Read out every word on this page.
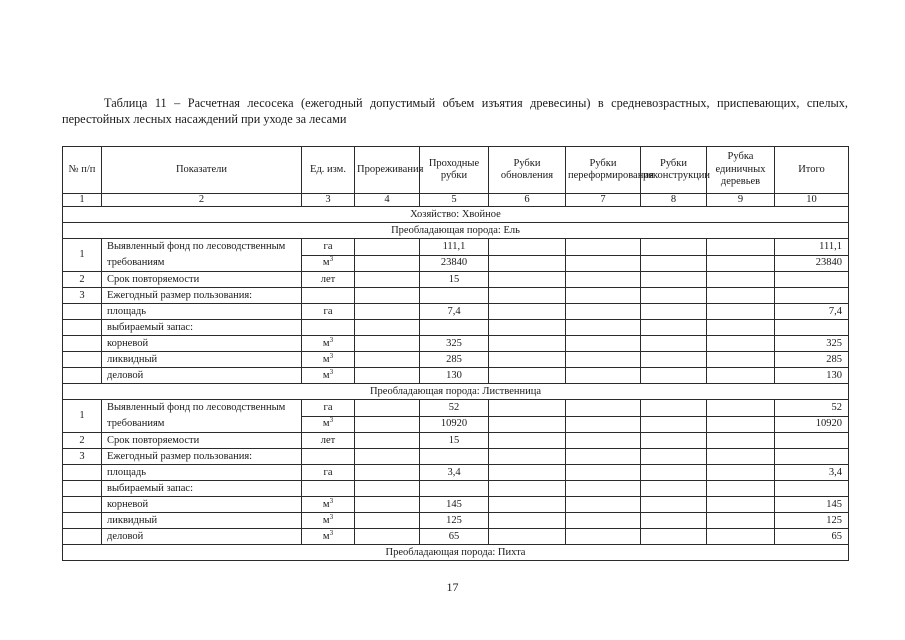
Таблица 11 – Расчетная лесосека (ежегодный допустимый объем изъятия древесины) в средневозрастных, приспевающих, спелых, перестойных лесных насаждений при уходе за лесами
№ п/п	Показатели	Ед. изм.	Прореживания	Проходные рубки	Рубки обновления	Рубки переформирования	Рубки реконструкции	Рубка единичных деревьев	Итого
1	2	3	4	5	6	7	8	9	10
Хозяйство: Хвойное									
Преобладающая порода: Ель									
1	Выявленный фонд по лесоводственным требованиям	га		111,1					111,1
		$м^3$		23840					23840
2	Срок повторяемости	лет		15					
3	Ежегодный размер пользования:								
	площадь	га		7,4					7,4
	выбираемый запас:								
	корневой	$м^3$		325					325
	ликвидный	$м^3$		285					285
	деловой	$м^3$		130					130
Преобладающая порода: Лиственница									
1	Выявленный фонд по лесоводственным требованиям	га		52					52
		$м^3$		10920					10920
2	Срок повторяемости	лет		15					
3	Ежегодный размер пользования:								
	площадь	га		3,4					3,4
	выбираемый запас:								
	корневой	$м^3$		145					145
	ликвидный	$м^3$		125					125
	деловой	$м^3$		65					65
Преобладающая порода: Пихта									
17
